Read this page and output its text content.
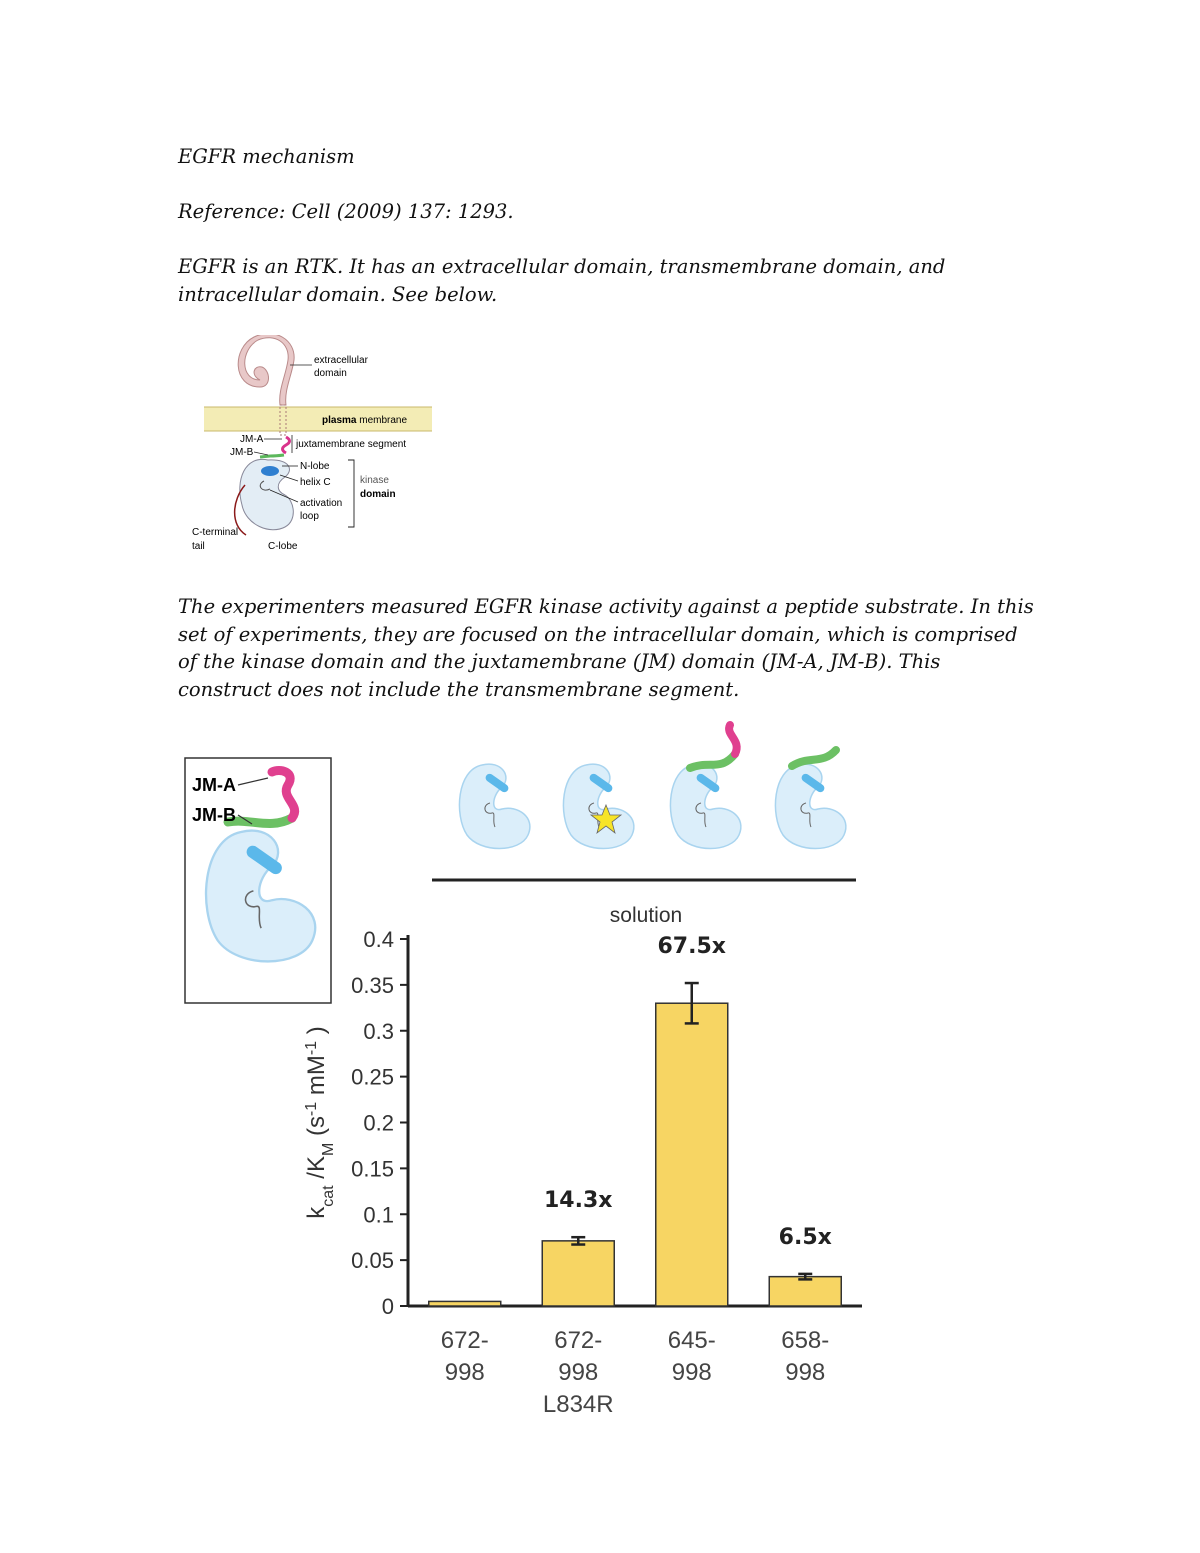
EGFR mechanism
Reference: Cell (2009) 137: 1293.
EGFR is an RTK. It has an extracellular domain, transmembrane domain, and intracellular domain. See below.
extracellular
domain
plasma membrane
JM-A
JM-B
juxtamembrane segment
N-lobe
helix C
activation
loop
kinase
domain
C-terminal
tail	C-lobe
The experimenters measured EGFR kinase activity against a peptide substrate. In this set of experiments, they are focused on the intracellular domain, which is comprised of the kinase domain and the juxtamembrane (JM) domain (JM-A, JM-B). This construct does not include the transmembrane segment.
JM-A
JM-B
solution
0
0.05
0.1
0.15
0.2
0.25
0.3
0.35
0.4
672-
998
14.3x
672-
998
L834R
67.5x
645-
998
6.5x
658-
998
$k_{cat}$ $/K_M$ ($s^{-1}$ $mM^{-1}$ )
